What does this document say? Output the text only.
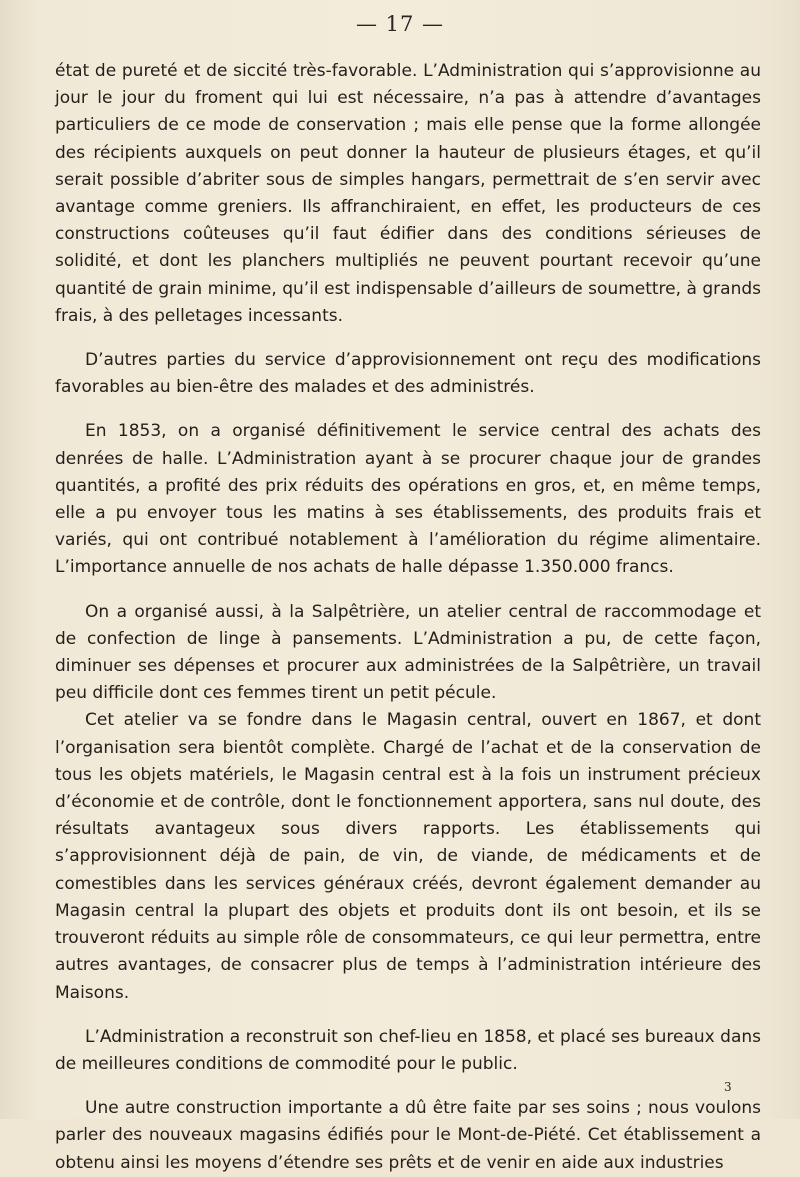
— 17 —

état de pureté et de siccité très-favorable. L’Administration qui s’approvisionne au jour le jour du froment qui lui est nécessaire, n’a pas à attendre d’avantages particuliers de ce mode de conservation ; mais elle pense que la forme allongée des récipients auxquels on peut donner la hauteur de plusieurs étages, et qu’il serait possible d’abriter sous de simples hangars, permettrait de s’en servir avec avantage comme greniers. Ils affranchiraient, en effet, les producteurs de ces constructions coûteuses qu’il faut édifier dans des conditions sérieuses de solidité, et dont les planchers multipliés ne peuvent pourtant recevoir qu’une quantité de grain minime, qu’il est indispensable d’ailleurs de soumettre, à grands frais, à des pelletages incessants.

D’autres parties du service d’approvisionnement ont reçu des modifications favorables au bien-être des malades et des administrés.

En 1853, on a organisé définitivement le service central des achats des denrées de halle. L’Administration ayant à se procurer chaque jour de grandes quantités, a profité des prix réduits des opérations en gros, et, en même temps, elle a pu envoyer tous les matins à ses établissements, des produits frais et variés, qui ont contribué notablement à l’amélioration du régime alimentaire. L’importance annuelle de nos achats de halle dépasse 1.350.000 francs.

On a organisé aussi, à la Salpêtrière, un atelier central de raccommodage et de confection de linge à pansements. L’Administration a pu, de cette façon, diminuer ses dépenses et procurer aux administrées de la Salpêtrière, un travail peu difficile dont ces femmes tirent un petit pécule.

Cet atelier va se fondre dans le Magasin central, ouvert en 1867, et dont l’organisation sera bientôt complète. Chargé de l’achat et de la conservation de tous les objets matériels, le Magasin central est à la fois un instrument précieux d’économie et de contrôle, dont le fonctionnement apportera, sans nul doute, des résultats avantageux sous divers rapports. Les établissements qui s’approvisionnent déjà de pain, de vin, de viande, de médicaments et de comestibles dans les services généraux créés, devront également demander au Magasin central la plupart des objets et produits dont ils ont besoin, et ils se trouveront réduits au simple rôle de consommateurs, ce qui leur permettra, entre autres avantages, de consacrer plus de temps à l’administration intérieure des Maisons.

L’Administration a reconstruit son chef-lieu en 1858, et placé ses bureaux dans de meilleures conditions de commodité pour le public.

Une autre construction importante a dû être faite par ses soins ; nous voulons parler des nouveaux magasins édifiés pour le Mont-de-Piété. Cet établissement a obtenu ainsi les moyens d’étendre ses prêts et de venir en aide aux industries

3
